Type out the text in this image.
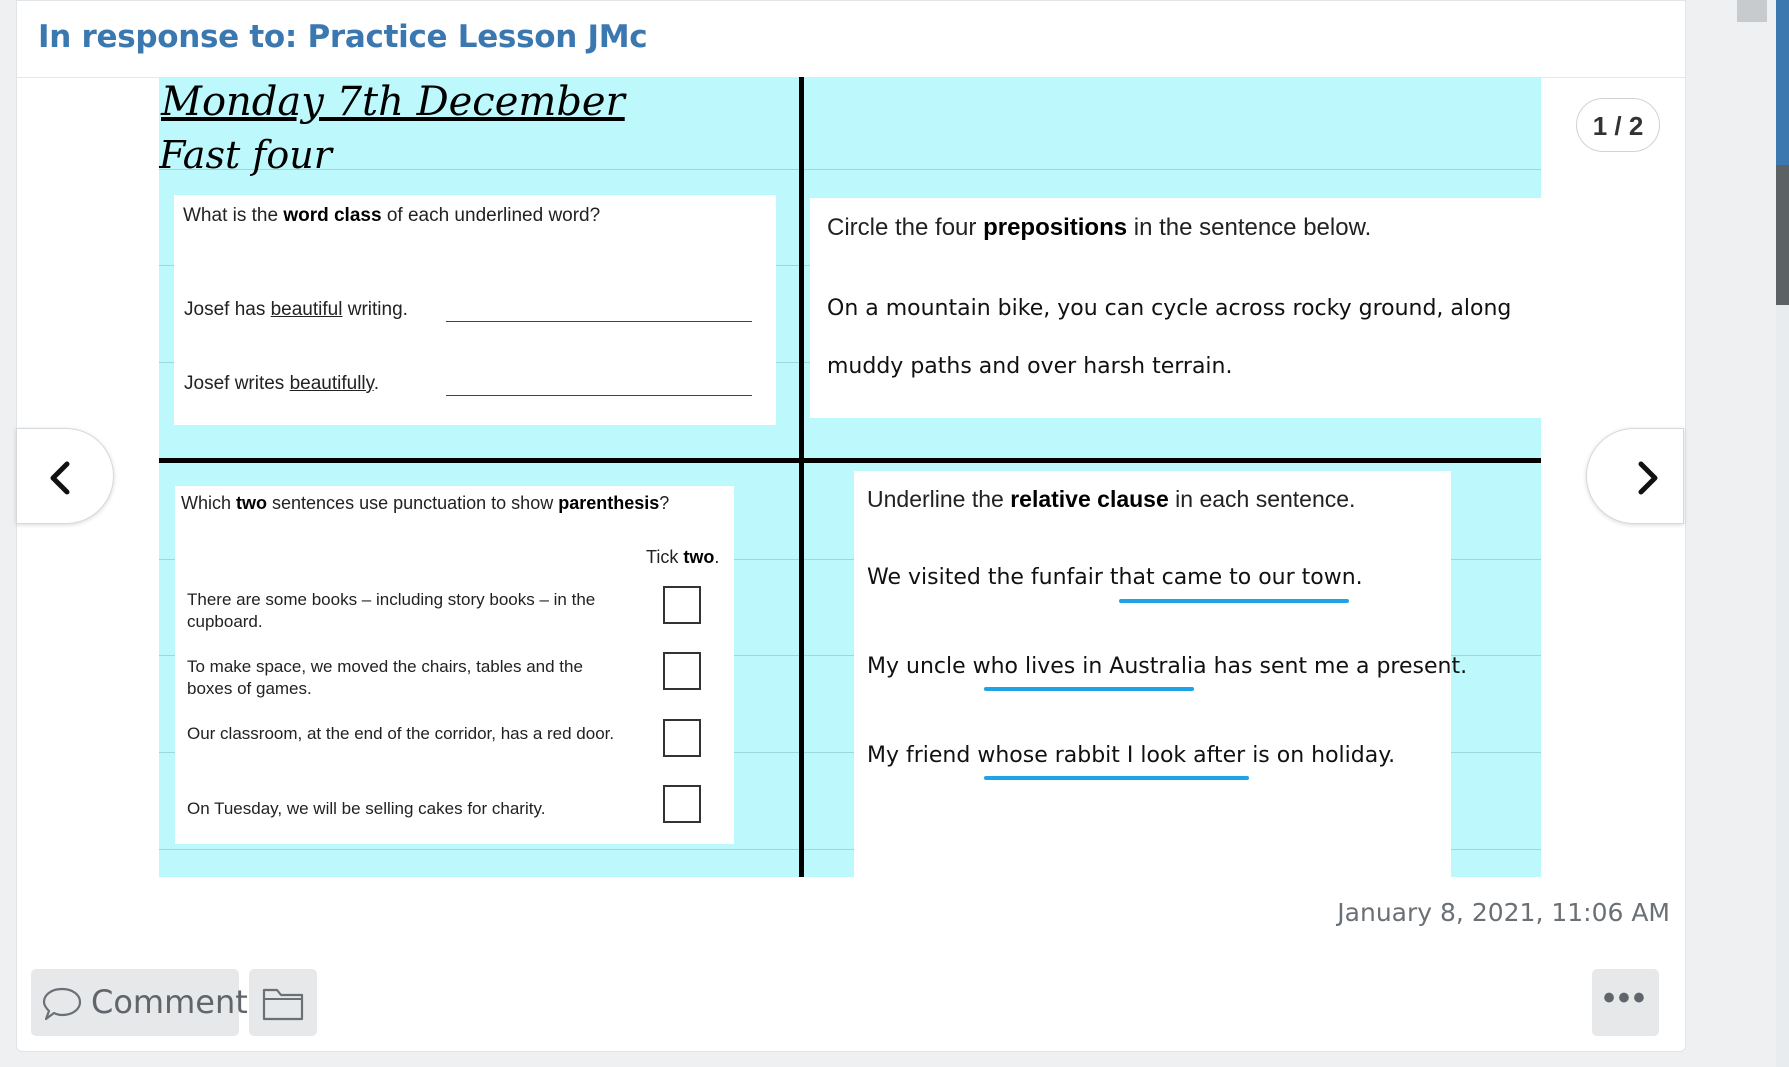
In response to: Practice Lesson JMc
Monday 7th December
Fast four
What is the word class of each underlined word?
Josef has beautiful writing.
Josef writes beautifully.
Circle the four prepositions in the sentence below.
On a mountain bike, you can cycle across rocky ground, along
muddy paths and over harsh terrain.
Which two sentences use punctuation to show parenthesis?
Tick two.
There are some books – including story books – in the cupboard.
To make space, we moved the chairs, tables and the boxes of games.
Our classroom, at the end of the corridor, has a red door.
On Tuesday, we will be selling cakes for charity.
Underline the relative clause in each sentence.
We visited the funfair that came to our town.
My uncle who lives in Australia has sent me a present.
My friend whose rabbit I look after is on holiday.
1 / 2
January 8, 2021, 11:06 AM
Comment	•••
